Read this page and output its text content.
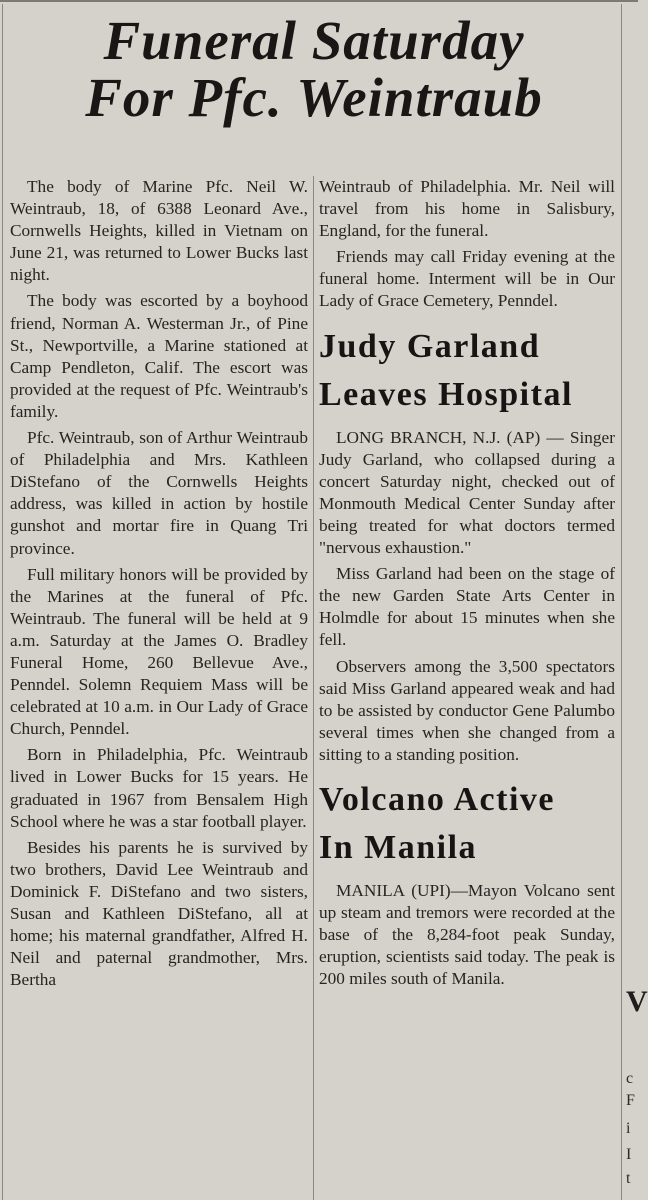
Funeral Saturday
For Pfc. Weintraub

The body of Marine Pfc. Neil W. Weintraub, 18, of 6388 Leonard Ave., Cornwells Heights, killed in Vietnam on June 21, was returned to Lower Bucks last night.

The body was escorted by a boyhood friend, Norman A. Westerman Jr., of Pine St., Newportville, a Marine stationed at Camp Pendleton, Calif. The escort was provided at the request of Pfc. Weintraub's family.

Pfc. Weintraub, son of Arthur Weintraub of Philadelphia and Mrs. Kathleen DiStefano of the Cornwells Heights address, was killed in action by hostile gunshot and mortar fire in Quang Tri province.

Full military honors will be provided by the Marines at the funeral of Pfc. Weintraub. The funeral will be held at 9 a.m. Saturday at the James O. Bradley Funeral Home, 260 Bellevue Ave., Penndel. Solemn Requiem Mass will be celebrated at 10 a.m. in Our Lady of Grace Church, Penndel.

Born in Philadelphia, Pfc. Weintraub lived in Lower Bucks for 15 years. He graduated in 1967 from Bensalem High School where he was a star football player.

Besides his parents he is survived by two brothers, David Lee Weintraub and Dominick F. DiStefano and two sisters, Susan and Kathleen DiStefano, all at home; his maternal grandfather, Alfred H. Neil and paternal grandmother, Mrs. Bertha

Weintraub of Philadelphia. Mr. Neil will travel from his home in Salisbury, England, for the funeral.

Friends may call Friday evening at the funeral home. Interment will be in Our Lady of Grace Cemetery, Penndel.

Judy Garland
Leaves Hospital

LONG BRANCH, N.J. (AP) — Singer Judy Garland, who collapsed during a concert Saturday night, checked out of Monmouth Medical Center Sunday after being treated for what doctors termed "nervous exhaustion."

Miss Garland had been on the stage of the new Garden State Arts Center in Holmdle for about 15 minutes when she fell.

Observers among the 3,500 spectators said Miss Garland appeared weak and had to be assisted by conductor Gene Palumbo several times when she changed from a sitting to a standing position.

Volcano Active
In Manila

MANILA (UPI)—Mayon Volcano sent up steam and tremors were recorded at the base of the 8,284-foot peak Sunday, eruption, scientists said today. The peak is 200 miles south of Manila.

V
c
F
i
I
t
